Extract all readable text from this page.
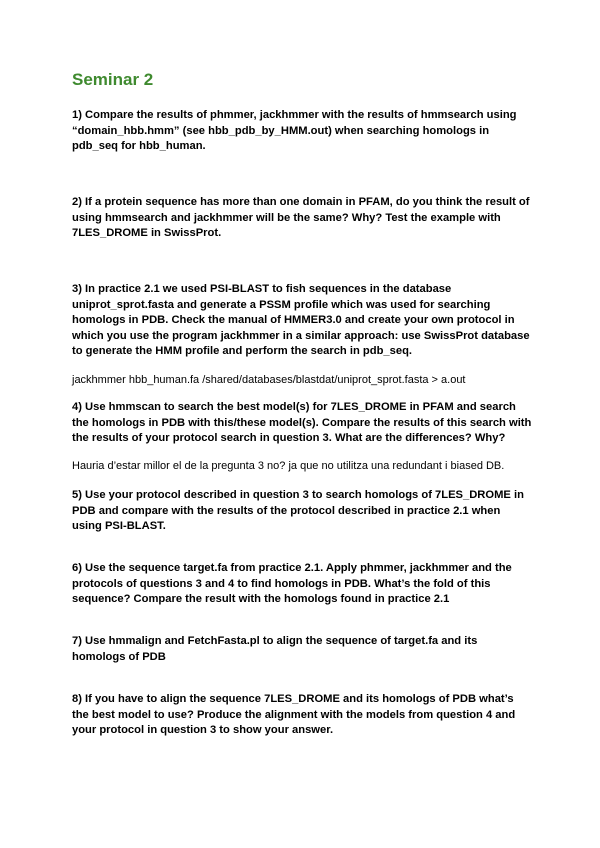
Seminar 2

1) Compare the results of phmmer, jackhmmer with the results of hmmsearch using “domain_hbb.hmm” (see hbb_pdb_by_HMM.out) when searching homologs in pdb_seq for hbb_human.

2) If a protein sequence has more than one domain in PFAM, do you think the result of using hmmsearch and jackhmmer will be the same? Why? Test the example with 7LES_DROME in SwissProt.

3) In practice 2.1 we used PSI-BLAST to fish sequences in the database uniprot_sprot.fasta and generate a PSSM profile which was used for searching homologs in PDB. Check the manual of HMMER3.0 and create your own protocol in which you use the program jackhmmer in a similar approach: use SwissProt database to generate the HMM profile and perform the search in pdb_seq.

jackhmmer hbb_human.fa /shared/databases/blastdat/uniprot_sprot.fasta > a.out

4) Use hmmscan to search the best model(s) for 7LES_DROME in PFAM and search the homologs in PDB with this/these model(s). Compare the results of this search with the results of your protocol search in question 3. What are the differences? Why?

Hauria d’estar millor el de la pregunta 3 no? ja que no utilitza una redundant i biased DB.

5) Use your protocol described in question 3 to search homologs of 7LES_DROME in PDB and compare with the results of the protocol described in practice 2.1 when using PSI-BLAST.

6) Use the sequence target.fa from practice 2.1. Apply phmmer, jackhmmer and the protocols of questions 3 and 4 to find homologs in PDB. What’s the fold of this sequence? Compare the result with the homologs found in practice 2.1

7) Use hmmalign and FetchFasta.pl to align the sequence of target.fa and its homologs of PDB

8) If you have to align the sequence 7LES_DROME and its homologs of PDB what’s the best model to use? Produce the alignment with the models from question 4 and your protocol in question 3 to show your answer.
